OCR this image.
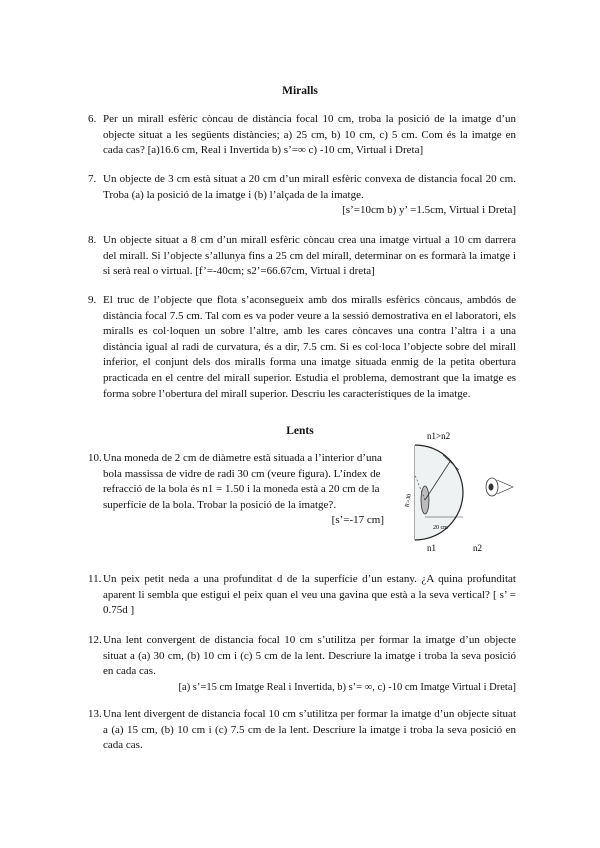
Miralls
6. Per un mirall esfèric còncau de distància focal 10 cm, troba la posició de la imatge d’un objecte situat a les següents distàncies; a) 25 cm, b) 10 cm, c) 5 cm. Com és la imatge en cada cas? [a)16.6 cm, Real i Invertida b) s’=∞ c) -10 cm, Virtual i Dreta]
7. Un objecte de 3 cm està situat a 20 cm d’un mirall esfèric convexa de distancia focal 20 cm. Troba (a) la posició de la imatge i (b) l’alçada de la imatge.
[s’=10cm b) y’ =1.5cm, Virtual i Dreta]
8. Un objecte situat a 8 cm d’un mirall esfèric còncau crea una imatge virtual a 10 cm darrera del mirall. Si l’objecte s’allunya fins a 25 cm del mirall, determinar on es formarà la imatge i si serà real o virtual. [f’=-40cm; s2’=66.67cm, Virtual i dreta]
9. El truc de l’objecte que flota s’aconsegueix amb dos miralls esfèrics còncaus, ambdós de distància focal 7.5 cm. Tal com es va poder veure a la sessió demostrativa en el laboratori, els miralls es col·loquen un sobre l’altre, amb les cares còncaves una contra l’altra i a una distància igual al radi de curvatura, és a dir, 7.5 cm. Si es col·loca l’objecte sobre del mirall inferior, el conjunt dels dos miralls forma una imatge situada enmig de la petita obertura practicada en el centre del mirall superior. Estudia el problema, demostrant que la imatge es forma sobre l’obertura del mirall superior. Descriu les característiques de la imatge.
Lents
10. Una moneda de 2 cm de diàmetre està situada a l’interior d’una bola massissa de vidre de radi 30 cm (veure figura). L’índex de refracció de la bola és n1 = 1.50 i la moneda està a 20 cm de la superfície de la bola. Trobar la posició de la imatge?.
[s’=-17 cm]
n1>n2
20 cm
R=30
n1	n2
11. Un peix petit neda a una profunditat d de la superfície d’un estany. ¿A quina profunditat aparent li sembla que estigui el peix quan el veu una gavina que està a la seva vertical? [ s’ = 0.75d ]
12. Una lent convergent de distancia focal 10 cm s’utilitza per formar la imatge d’un objecte situat a (a) 30 cm, (b) 10 cm i (c) 5 cm de la lent. Descriure la imatge i troba la seva posició en cada cas.
[a) s’=15 cm Imatge Real i Invertida, b) s’= ∞, c) -10 cm Imatge Virtual i Dreta]
13. Una lent divergent de distancia focal 10 cm s’utilitza per formar la imatge d’un objecte situat a (a) 15 cm, (b) 10 cm i (c) 7.5 cm de la lent. Descriure la imatge i troba la seva posició en cada cas.
